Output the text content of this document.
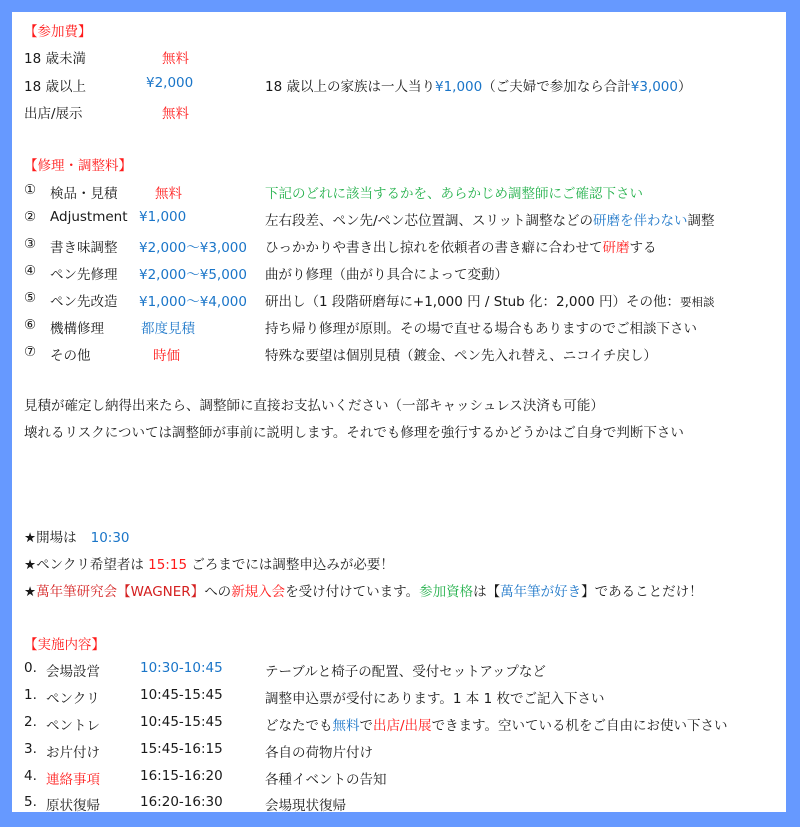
【参加費】
18 歳未満	無料
18 歳以上	¥2,000	18 歳以上の家族は一人当り¥1,000（ご夫婦で参加なら合計¥3,000）
出店/展示	無料
【修理・調整料】
① 検品・見積	無料	下記のどれに該当するかを、あらかじめ調整師にご確認下さい
② Adjustment ¥1,000	左右段差、ペン先/ペン芯位置調、スリット調整などの研磨を伴わない調整
③ 書き味調整 ¥2,000～¥3,000 ひっかかりや書き出し掠れを依頼者の書き癖に合わせて研磨する
④ ペン先修理 ¥2,000～¥5,000 曲がり修理（曲がり具合によって変動）
⑤ ペン先改造 ¥1,000～¥4,000 研出し（1 段階研磨毎に+1,000 円 / Stub 化：2,000 円）その他：要相談
⑥ 機構修理	都度見積	持ち帰り修理が原則。その場で直せる場合もありますのでご相談下さい
⑦ その他	時価	特殊な要望は個別見積（鍍金、ペン先入れ替え、ニコイチ戻し）
見積が確定し納得出来たら、調整師に直接お支払いください（一部キャッシュレス決済も可能）
壊れるリスクについては調整師が事前に説明します。それでも修理を強行するかどうかはご自身で判断下さい
★開場は 10:30
★ペンクリ希望者は 15:15 ごろまでには調整申込みが必要！
★萬年筆研究会【WAGNER】への新規入会を受け付けています。参加資格は【萬年筆が好き】であることだけ！
【実施内容】
0. 会場設営	10:30-10:45	テーブルと椅子の配置、受付セットアップなど
1. ペンクリ	10:45-15:45	調整申込票が受付にあります。1 本 1 枚でご記入下さい
2. ペントレ	10:45-15:45	どなたでも無料で出店/出展できます。空いている机をご自由にお使い下さい
3. お片付け	15:45-16:15	各自の荷物片付け
4. 連絡事項	16:15-16:20	各種イベントの告知
5. 原状復帰	16:20-16:30	会場現状復帰
